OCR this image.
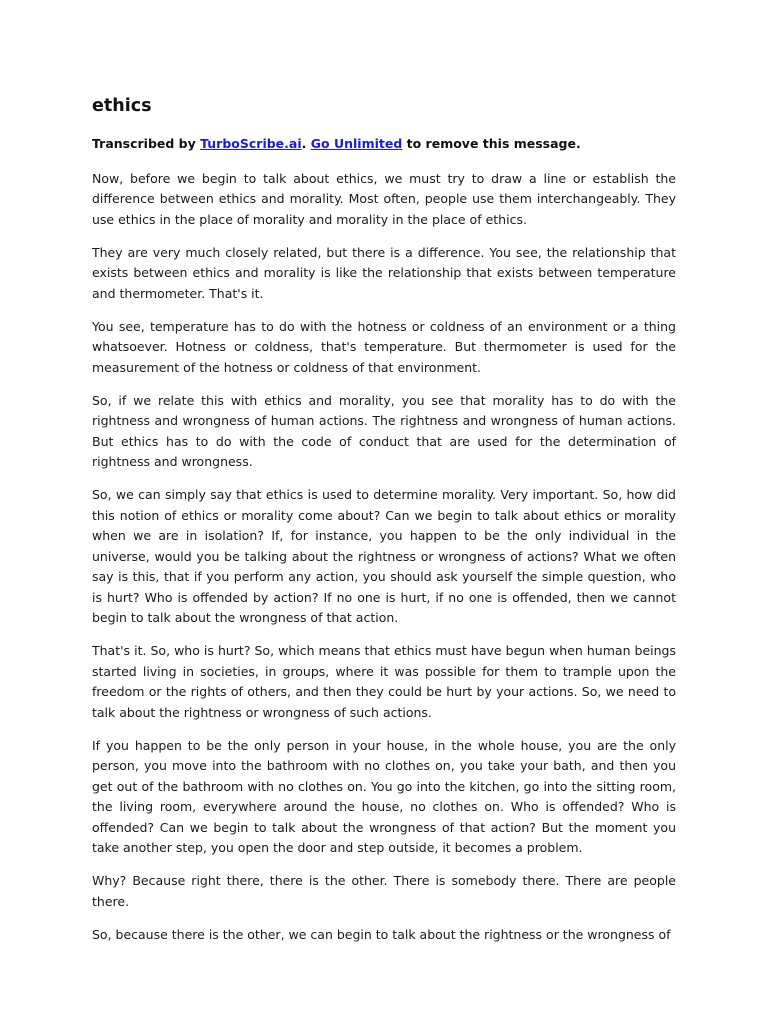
ethics

Transcribed by TurboScribe.ai. Go Unlimited to remove this message.

Now, before we begin to talk about ethics, we must try to draw a line or establish the difference between ethics and morality. Most often, people use them interchangeably. They use ethics in the place of morality and morality in the place of ethics.

They are very much closely related, but there is a difference. You see, the relationship that exists between ethics and morality is like the relationship that exists between temperature and thermometer. That's it.

You see, temperature has to do with the hotness or coldness of an environment or a thing whatsoever. Hotness or coldness, that's temperature. But thermometer is used for the measurement of the hotness or coldness of that environment.

So, if we relate this with ethics and morality, you see that morality has to do with the rightness and wrongness of human actions. The rightness and wrongness of human actions. But ethics has to do with the code of conduct that are used for the determination of rightness and wrongness.

So, we can simply say that ethics is used to determine morality. Very important. So, how did this notion of ethics or morality come about? Can we begin to talk about ethics or morality when we are in isolation? If, for instance, you happen to be the only individual in the universe, would you be talking about the rightness or wrongness of actions? What we often say is this, that if you perform any action, you should ask yourself the simple question, who is hurt? Who is offended by action? If no one is hurt, if no one is offended, then we cannot begin to talk about the wrongness of that action.

That's it. So, who is hurt? So, which means that ethics must have begun when human beings started living in societies, in groups, where it was possible for them to trample upon the freedom or the rights of others, and then they could be hurt by your actions. So, we need to talk about the rightness or wrongness of such actions.

If you happen to be the only person in your house, in the whole house, you are the only person, you move into the bathroom with no clothes on, you take your bath, and then you get out of the bathroom with no clothes on. You go into the kitchen, go into the sitting room, the living room, everywhere around the house, no clothes on. Who is offended? Who is offended? Can we begin to talk about the wrongness of that action? But the moment you take another step, you open the door and step outside, it becomes a problem.

Why? Because right there, there is the other. There is somebody there. There are people there.

So, because there is the other, we can begin to talk about the rightness or the wrongness of
